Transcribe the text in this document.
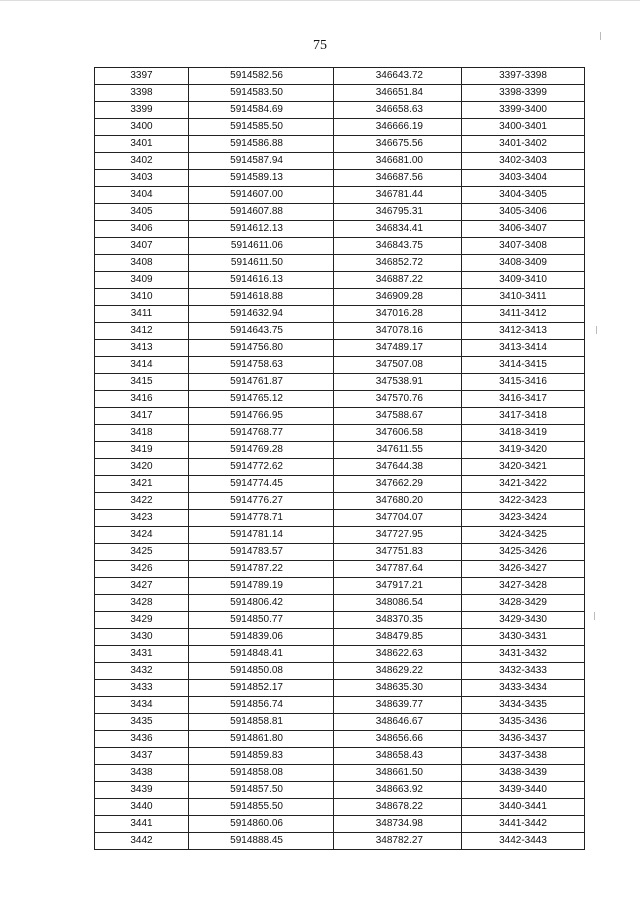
75
3397	5914582.56	346643.72	3397-3398
3398	5914583.50	346651.84	3398-3399
3399	5914584.69	346658.63	3399-3400
3400	5914585.50	346666.19	3400-3401
3401	5914586.88	346675.56	3401-3402
3402	5914587.94	346681.00	3402-3403
3403	5914589.13	346687.56	3403-3404
3404	5914607.00	346781.44	3404-3405
3405	5914607.88	346795.31	3405-3406
3406	5914612.13	346834.41	3406-3407
3407	5914611.06	346843.75	3407-3408
3408	5914611.50	346852.72	3408-3409
3409	5914616.13	346887.22	3409-3410
3410	5914618.88	346909.28	3410-3411
3411	5914632.94	347016.28	3411-3412
3412	5914643.75	347078.16	3412-3413
3413	5914756.80	347489.17	3413-3414
3414	5914758.63	347507.08	3414-3415
3415	5914761.87	347538.91	3415-3416
3416	5914765.12	347570.76	3416-3417
3417	5914766.95	347588.67	3417-3418
3418	5914768.77	347606.58	3418-3419
3419	5914769.28	347611.55	3419-3420
3420	5914772.62	347644.38	3420-3421
3421	5914774.45	347662.29	3421-3422
3422	5914776.27	347680.20	3422-3423
3423	5914778.71	347704.07	3423-3424
3424	5914781.14	347727.95	3424-3425
3425	5914783.57	347751.83	3425-3426
3426	5914787.22	347787.64	3426-3427
3427	5914789.19	347917.21	3427-3428
3428	5914806.42	348086.54	3428-3429
3429	5914850.77	348370.35	3429-3430
3430	5914839.06	348479.85	3430-3431
3431	5914848.41	348622.63	3431-3432
3432	5914850.08	348629.22	3432-3433
3433	5914852.17	348635.30	3433-3434
3434	5914856.74	348639.77	3434-3435
3435	5914858.81	348646.67	3435-3436
3436	5914861.80	348656.66	3436-3437
3437	5914859.83	348658.43	3437-3438
3438	5914858.08	348661.50	3438-3439
3439	5914857.50	348663.92	3439-3440
3440	5914855.50	348678.22	3440-3441
3441	5914860.06	348734.98	3441-3442
3442	5914888.45	348782.27	3442-3443
